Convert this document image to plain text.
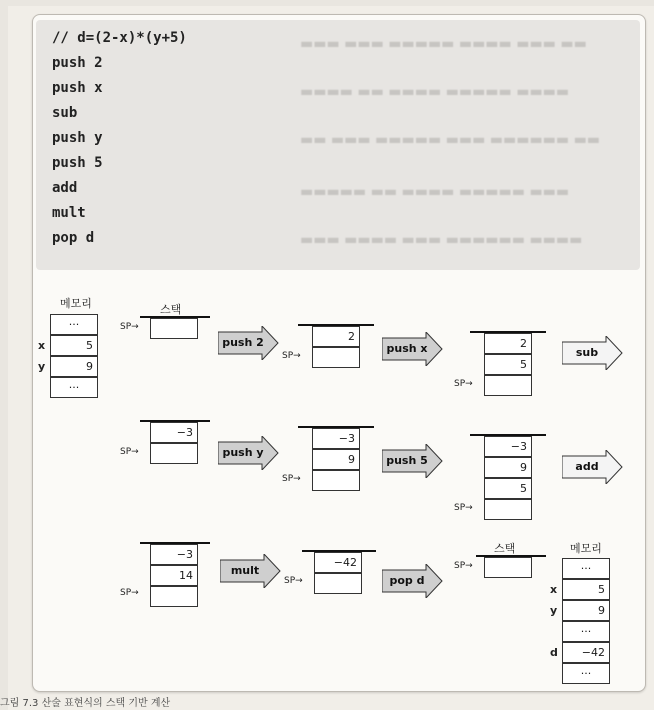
▬▬▬ ▬▬▬ ▬▬▬▬▬ ▬▬▬▬ ▬▬▬ ▬▬
▬▬▬▬ ▬▬ ▬▬▬▬ ▬▬▬▬▬ ▬▬▬▬
▬▬ ▬▬▬ ▬▬▬▬▬ ▬▬▬ ▬▬▬▬▬▬ ▬▬
▬▬▬▬▬ ▬▬ ▬▬▬▬ ▬▬▬▬▬ ▬▬▬
▬▬▬ ▬▬▬▬ ▬▬▬ ▬▬▬▬▬▬ ▬▬▬▬
// d=(2-x)*(y+5)
push 2
push x
sub
push y
push 5
add
mult
pop d
메모리
···
5
9
···
x
y
스택
SP→
push 2	2
SP→
push x	2
5
SP→
sub
−3
SP→	push y
−3
9
SP→
push 5
−3
9
5
SP→
add
−3
14
SP→
mult
−42
SP→	pop d
스택
SP→
메모리
···
5
9
···
−42
···
x
y
d
그림 7.3 산술 표현식의 스택 기반 계산
